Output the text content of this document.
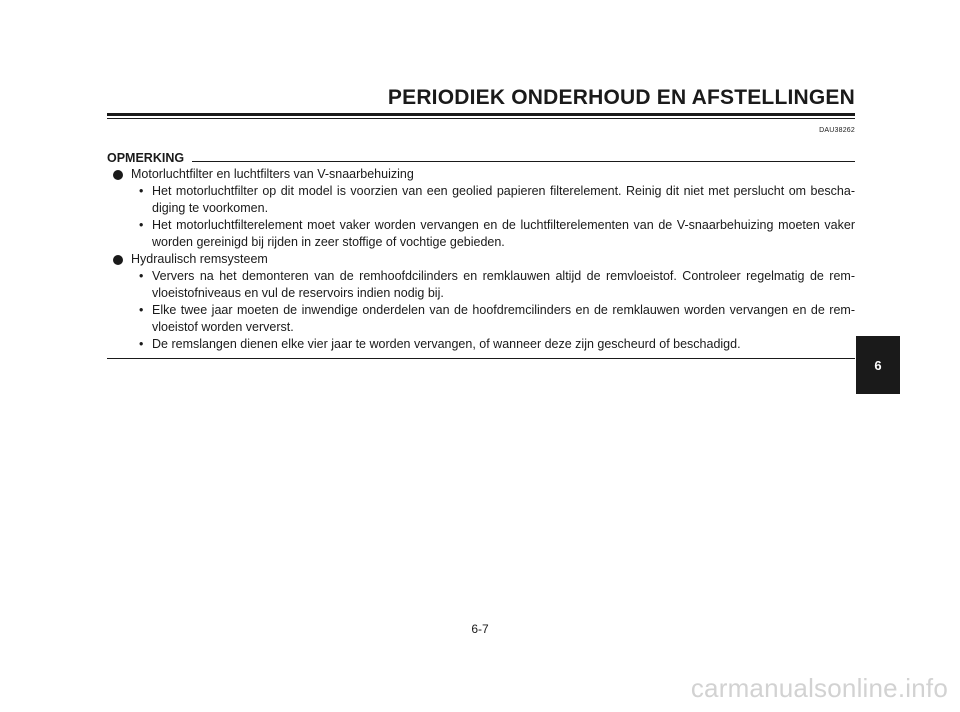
PERIODIEK ONDERHOUD EN AFSTELLINGEN
DAU38262
OPMERKING
Motorluchtfilter en luchtfilters van V-snaarbehuizing
• Het motorluchtfilter op dit model is voorzien van een geolied papieren filterelement. Reinig dit niet met perslucht om bescha-diging te voorkomen.
• Het motorluchtfilterelement moet vaker worden vervangen en de luchtfilterelementen van de V-snaarbehuizing moeten vaker worden gereinigd bij rijden in zeer stoffige of vochtige gebieden.
Hydraulisch remsysteem
• Ververs na het demonteren van de remhoofdcilinders en remklauwen altijd de remvloeistof. Controleer regelmatig de rem-vloeistofniveaus en vul de reservoirs indien nodig bij.
• Elke twee jaar moeten de inwendige onderdelen van de hoofdremcilinders en de remklauwen worden vervangen en de rem-vloeistof worden ververst.
• De remslangen dienen elke vier jaar te worden vervangen, of wanneer deze zijn gescheurd of beschadigd.
6
6-7
carmanualsonline.info
